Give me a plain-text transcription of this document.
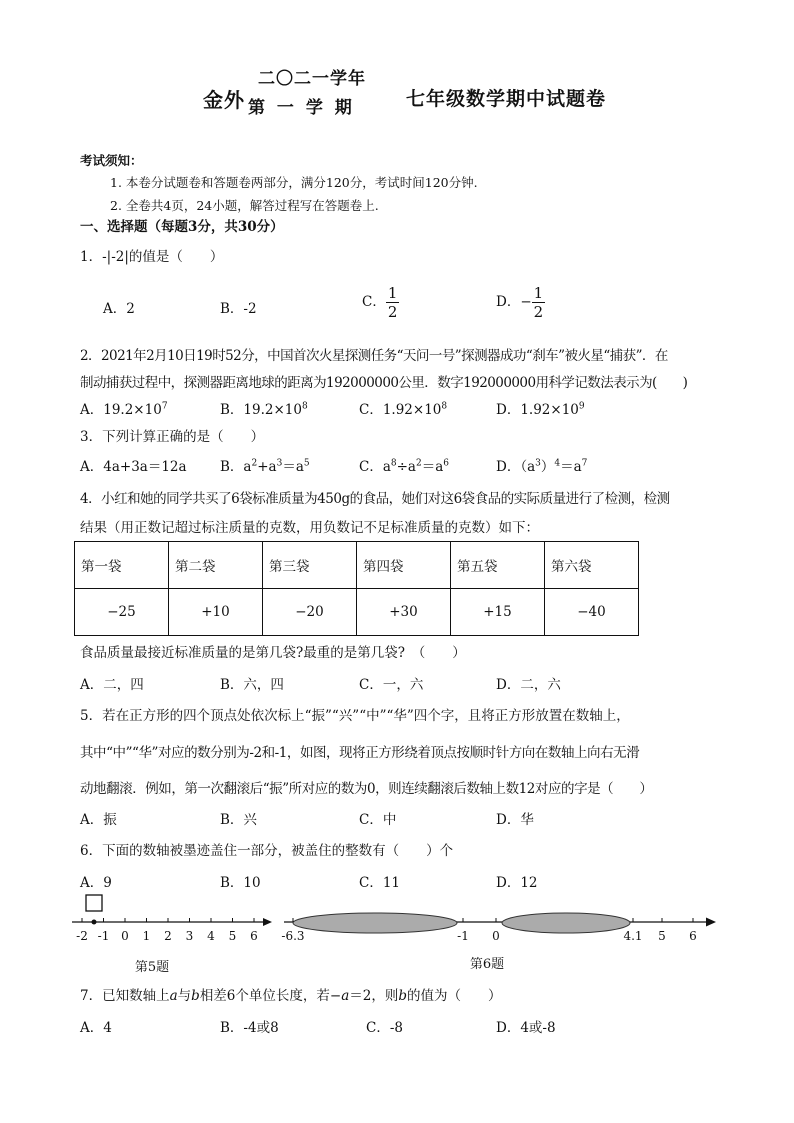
金外
二〇二一学年
第 一 学 期	七年级数学期中试题卷
考试须知：
1. 本卷分试题卷和答题卷两部分，满分120分，考试时间120分钟.
2. 全卷共4页，24小题，解答过程写在答题卷上.
一、选择题（每题3分，共30分）
1．-|-2|的值是（　　）
A．2	B．-2	C． $\frac{1}{2}$	D．− $\frac{1}{2}$
2．2021年2月10日19时52分，中国首次火星探测任务“天问一号”探测器成功“刹车”被火星“捕获”．在
制动捕获过程中，探测器距离地球的距离为192000000公里．数字192000000用科学记数法表示为(　　)
A．$19.2\times 10^7$	B．$19.2\times 10^8$	C．$1.92\times 10^8$	D．$1.92\times 10^9$
3．下列计算正确的是（　　）
A．4a+3a＝12a B．$a^2+a^3=a^5$	C．$a^8\div a^2=a^6$	D．$(a^3)^4=a^7$
4．小红和她的同学共买了6袋标准质量为450g的食品，她们对这6袋食品的实际质量进行了检测，检测
结果（用正数记超过标注质量的克数，用负数记不足标准质量的克数）如下：
第一袋	第二袋	第三袋	第四袋	第五袋	第六袋
−25	+10	−20	+30	+15	−40
食品质量最接近标准质量的是第几袋?最重的是第几袋?　（　　）
A．二，四	B．六，四	C．一，六	D．二，六
5．若在正方形的四个顶点处依次标上“振”“兴”“中”“华”四个字，且将正方形放置在数轴上，
其中“中”“华”对应的数分别为-2和-1，如图，现将正方形绕着顶点按顺时针方向在数轴上向右无滑
动地翻滚．例如，第一次翻滚后“振”所对应的数为0，则连续翻滚后数轴上数12对应的字是（　　）
A．振	B．兴	C．中	D．华
6．下面的数轴被墨迹盖住一部分，被盖住的整数有（　　）个
A．9	B．10	C．11	D．12
-2 -1 0 1 2 3 4 5 6 -6.3	-1 0	4.1 5 6
第5题	第6题
7．已知数轴上a与b相差6个单位长度，若−a＝2，则b的值为（　　）
A．4	B．-4或8	C．-8	D．4或-8
